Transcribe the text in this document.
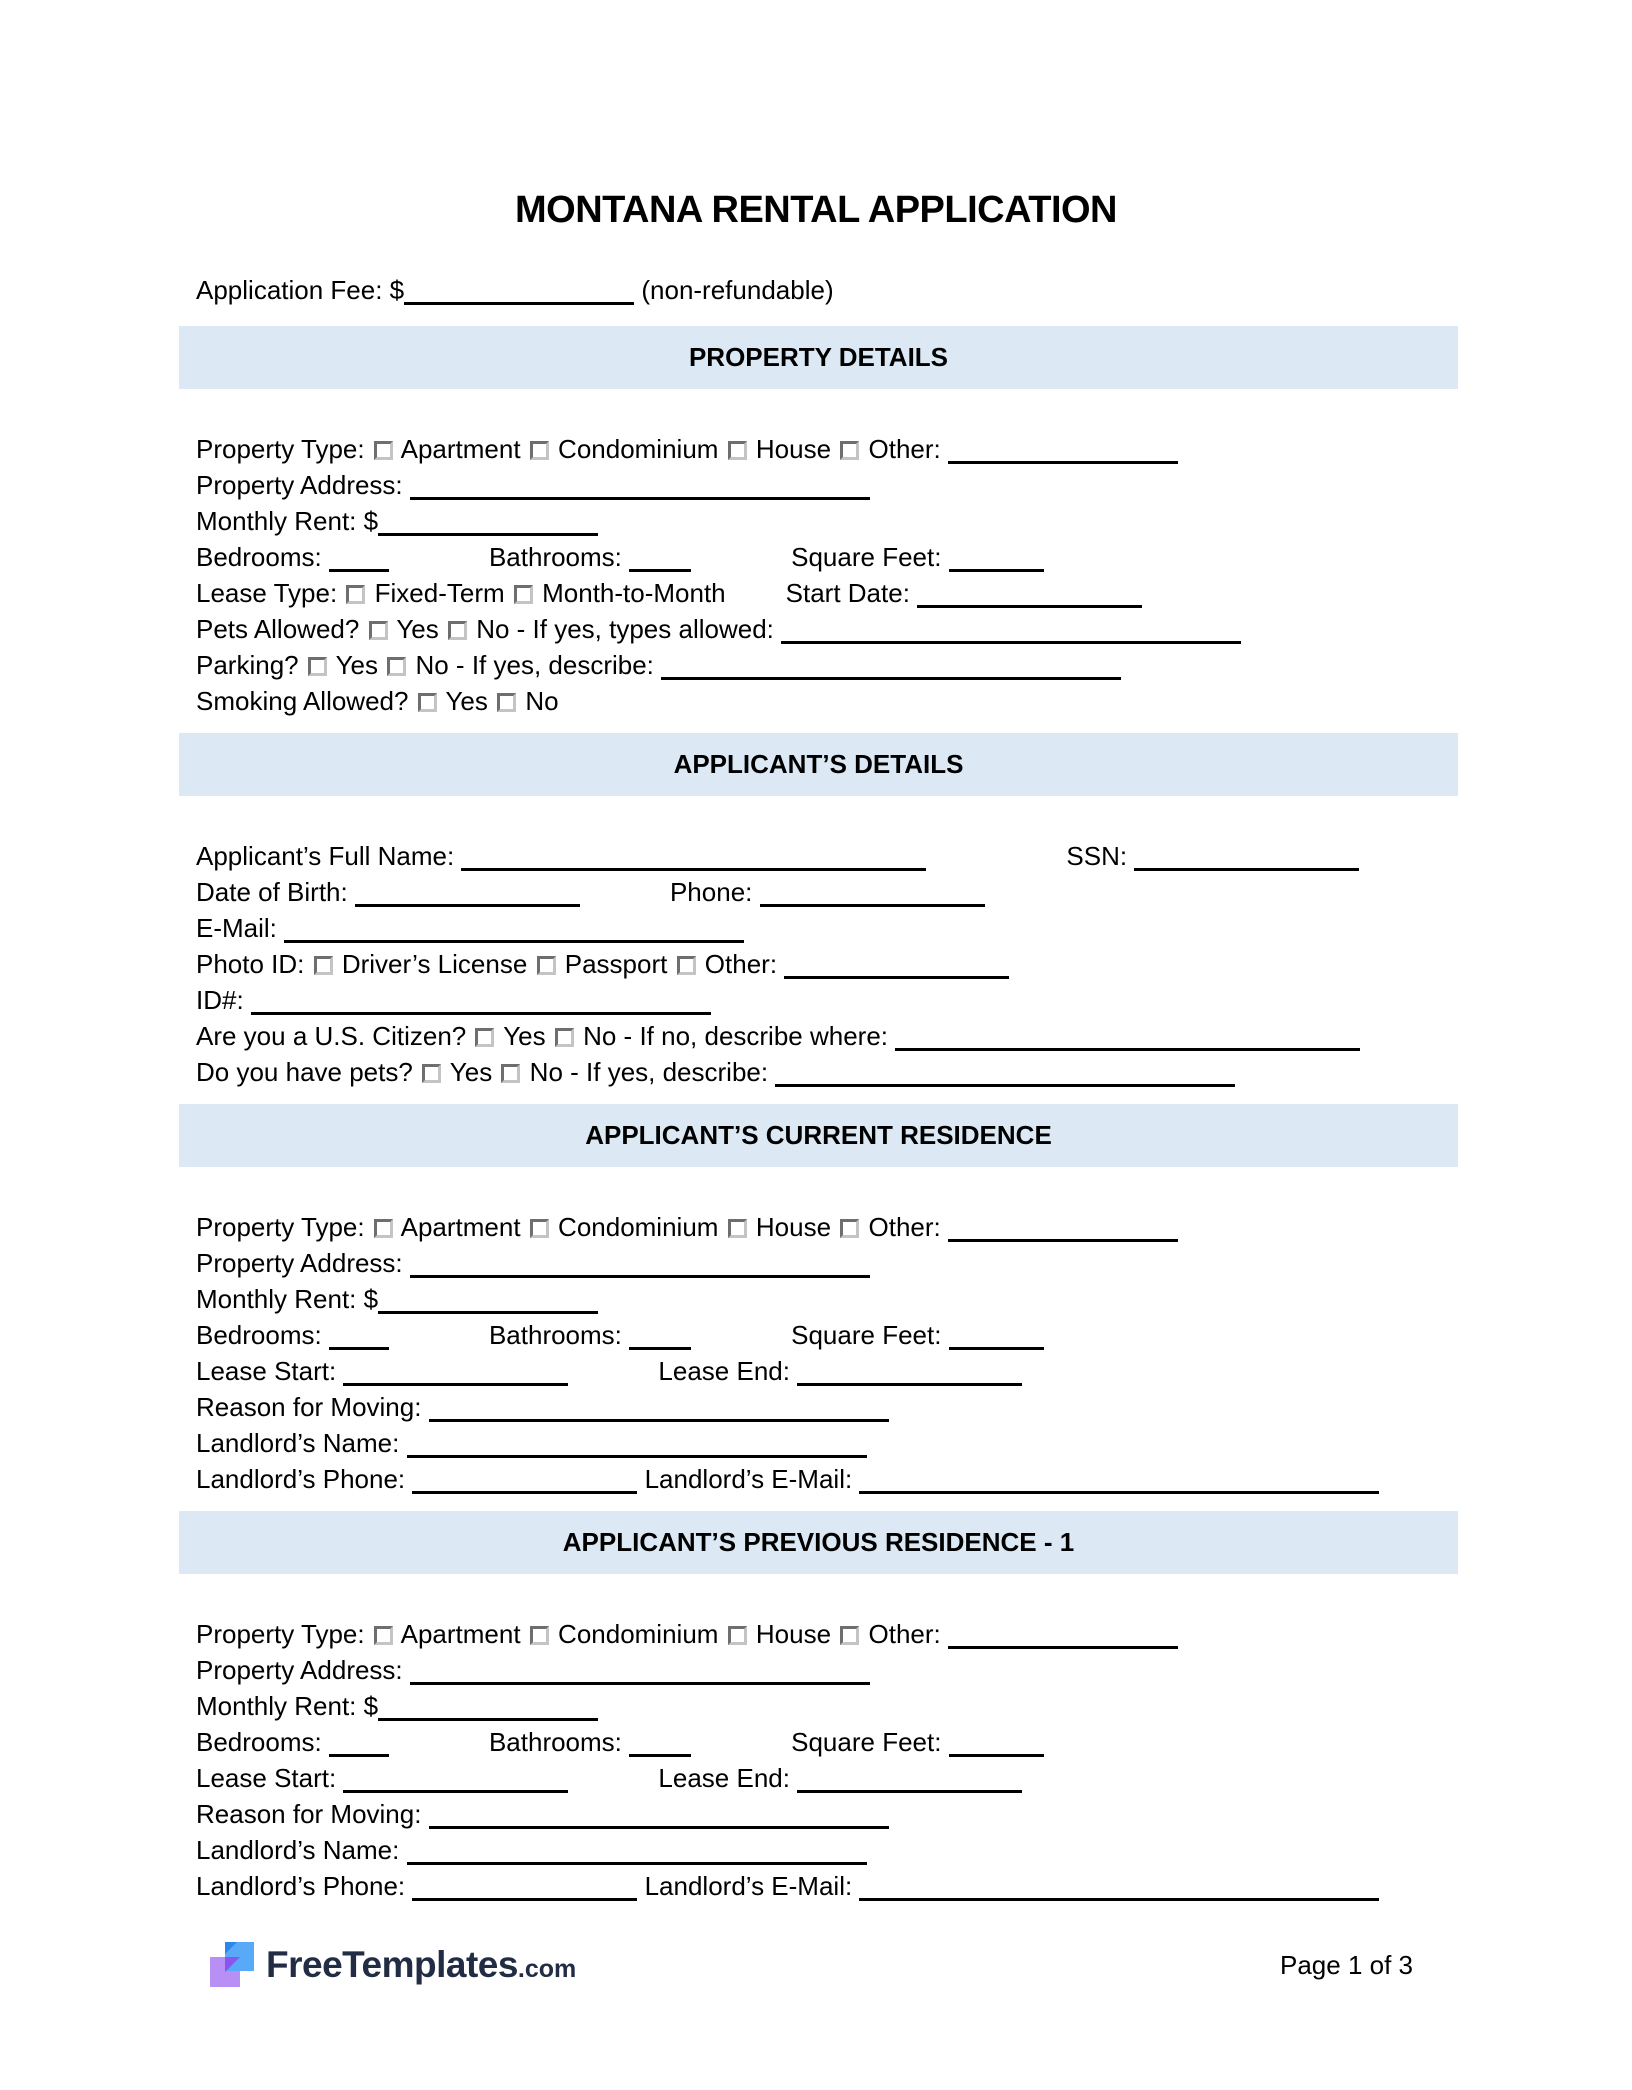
MONTANA RENTAL APPLICATION
Application Fee: $	(non-refundable)
PROPERTY DETAILS
Property Type:  Apartment  Condominium  House  Other:
Property Address:
Monthly Rent: $
Bedrooms:	Bathrooms:	Square Feet:
Lease Type:  Fixed-Term  Month-to-Month Start Date:
Pets Allowed?  Yes  No - If yes, types allowed:
Parking?  Yes  No - If yes, describe:
Smoking Allowed?  Yes  No
APPLICANT’S DETAILS
Applicant’s Full Name:	SSN:
Date of Birth:	Phone:
E-Mail:
Photo ID:  Driver’s License  Passport  Other:
ID#:
Are you a U.S. Citizen?  Yes  No - If no, describe where:
Do you have pets?  Yes  No - If yes, describe:
APPLICANT’S CURRENT RESIDENCE
Property Type:  Apartment  Condominium  House  Other:
Property Address:
Monthly Rent: $
Bedrooms:	Bathrooms:	Square Feet:
Lease Start:	Lease End:
Reason for Moving:
Landlord’s Name:
Landlord’s Phone:	Landlord’s E-Mail:
APPLICANT’S PREVIOUS RESIDENCE - 1
Property Type:  Apartment  Condominium  House  Other:
Property Address:
Monthly Rent: $
Bedrooms:	Bathrooms:	Square Feet:
Lease Start:	Lease End:
Reason for Moving:
Landlord’s Name:
Landlord’s Phone:	Landlord’s E-Mail:
FreeTemplates.com	Page 1 of 3
